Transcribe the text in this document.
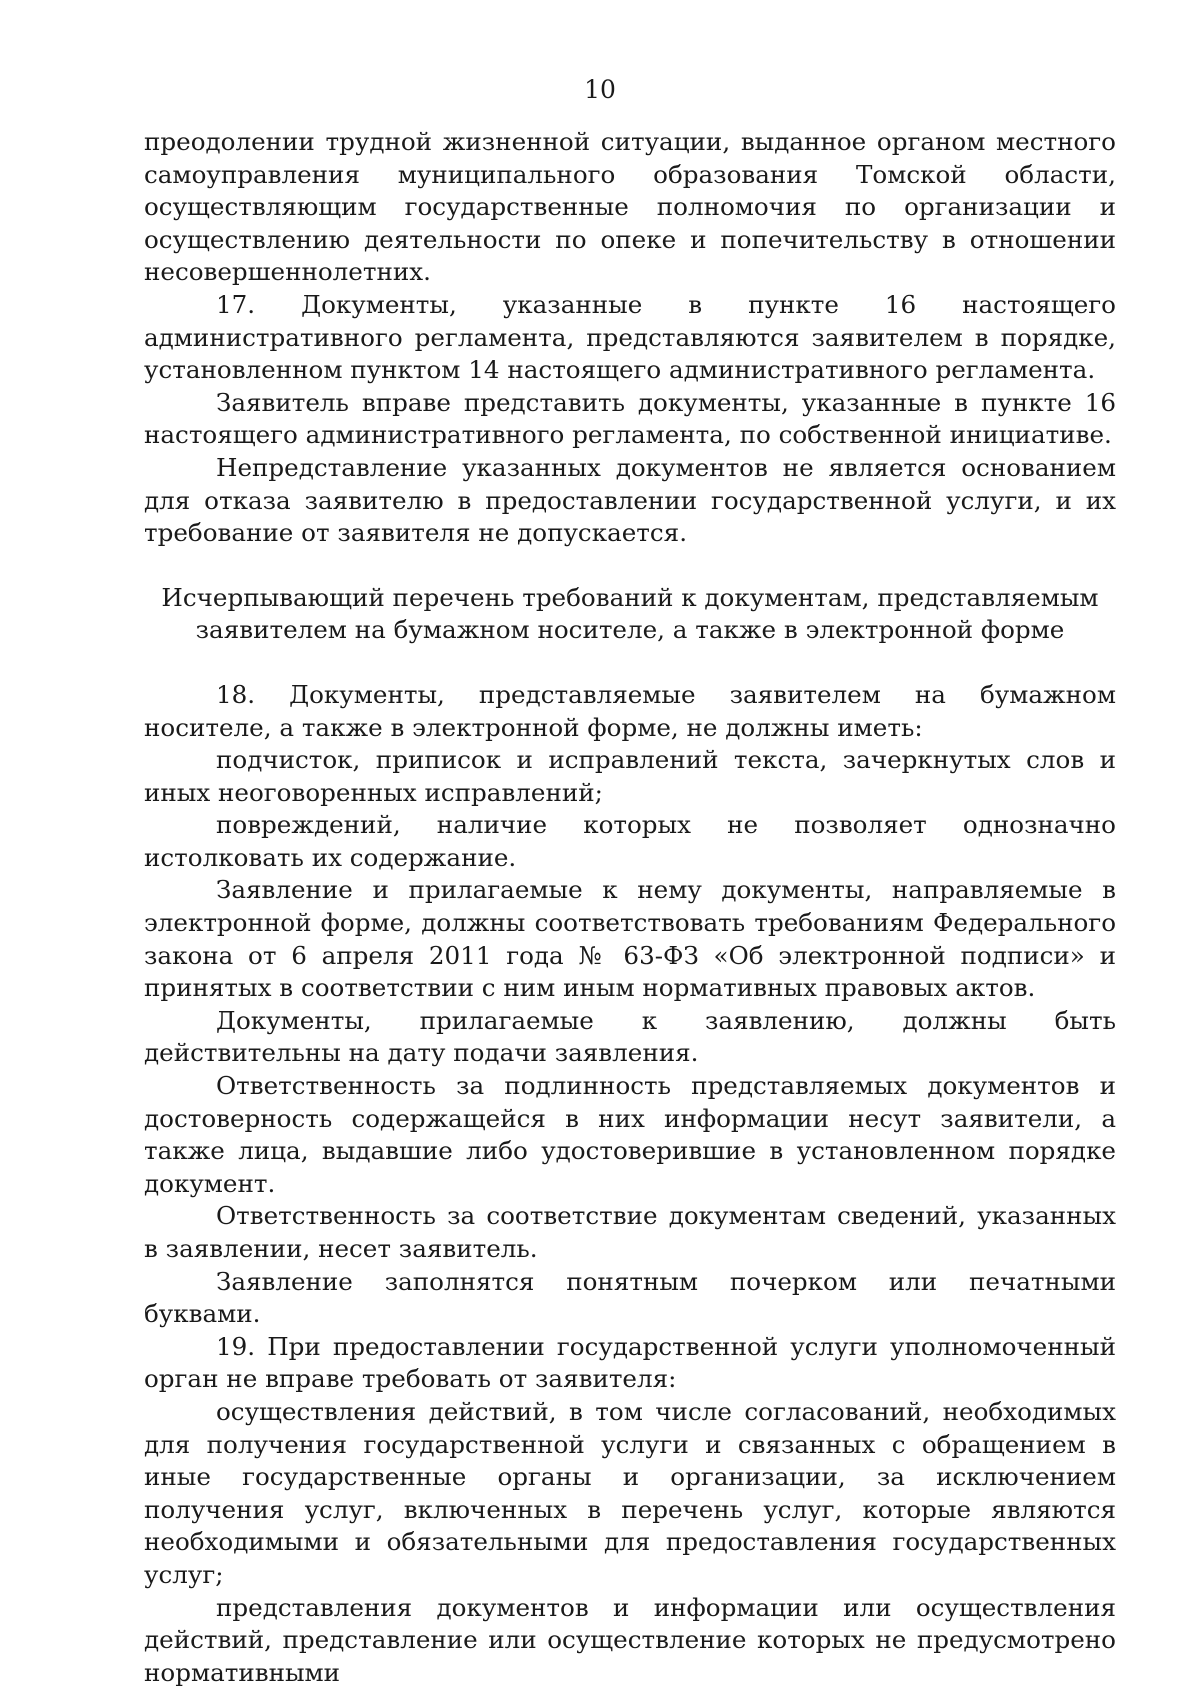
10

преодолении трудной жизненной ситуации, выданное органом местного самоуправления муниципального образования Томской области, осуществляющим государственные полномочия по организации и осуществлению деятельности по опеке и попечительству в отношении несовершеннолетних.

17. Документы, указанные в пункте 16 настоящего административного регламента, представляются заявителем в порядке, установленном пунктом 14 настоящего административного регламента.

Заявитель вправе представить документы, указанные в пункте 16 настоящего административного регламента, по собственной инициативе.

Непредставление указанных документов не является основанием для отказа заявителю в предоставлении государственной услуги, и их требование от заявителя не допускается.

Исчерпывающий перечень требований к документам, представляемым
заявителем на бумажном носителе, а также в электронной форме

18. Документы, представляемые заявителем на бумажном носителе, а также в электронной форме, не должны иметь:

подчисток, приписок и исправлений текста, зачеркнутых слов и иных неоговоренных исправлений;

повреждений, наличие которых не позволяет однозначно истолковать их содержание.

Заявление и прилагаемые к нему документы, направляемые в электронной форме, должны соответствовать требованиям Федерального закона от 6 апреля 2011 года № 63-ФЗ «Об электронной подписи» и принятых в соответствии с ним иным нормативных правовых актов.

Документы, прилагаемые к заявлению, должны быть действительны на дату подачи заявления.

Ответственность за подлинность представляемых документов и достоверность содержащейся в них информации несут заявители, а также лица, выдавшие либо удостоверившие в установленном порядке документ.

Ответственность за соответствие документам сведений, указанных в заявлении, несет заявитель.

Заявление заполнятся понятным почерком или печатными буквами.

19. При предоставлении государственной услуги уполномоченный орган не вправе требовать от заявителя:

осуществления действий, в том числе согласований, необходимых для получения государственной услуги и связанных с обращением в иные государственные органы и организации, за исключением получения услуг, включенных в перечень услуг, которые являются необходимыми и обязательными для предоставления государственных услуг;

представления документов и информации или осуществления действий, представление или осуществление которых не предусмотрено нормативными
